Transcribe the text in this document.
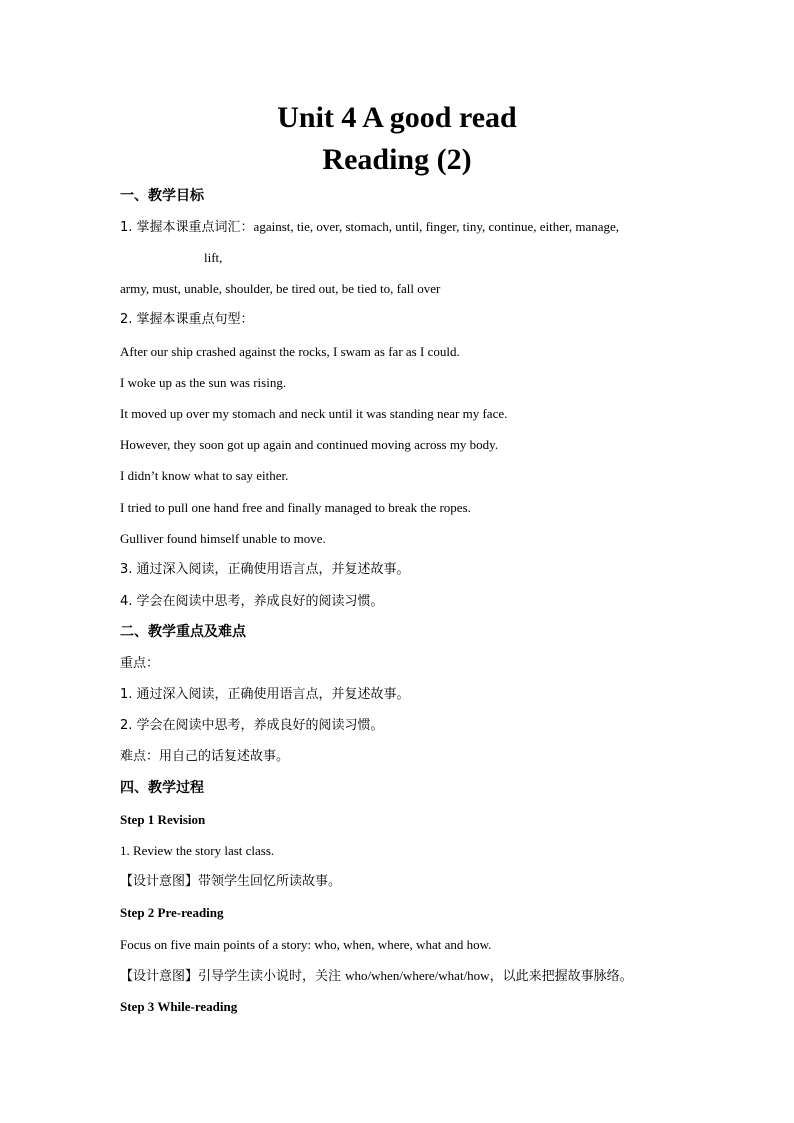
Unit 4 A good read
Reading (2)
一、教学目标
1. 掌握本课重点词汇：against, tie, over, stomach, until, finger, tiny, continue, either, manage,
lift,
army, must, unable, shoulder, be tired out, be tied to, fall over
2. 掌握本课重点句型：
After our ship crashed against the rocks, I swam as far as I could.
I woke up as the sun was rising.
It moved up over my stomach and neck until it was standing near my face.
However, they soon got up again and continued moving across my body.
I didn’t know what to say either.
I tried to pull one hand free and finally managed to break the ropes.
Gulliver found himself unable to move.
3. 通过深入阅读，正确使用语言点，并复述故事。
4. 学会在阅读中思考，养成良好的阅读习惯。
二、教学重点及难点
重点：
1. 通过深入阅读，正确使用语言点，并复述故事。
2. 学会在阅读中思考，养成良好的阅读习惯。
难点：用自己的话复述故事。
四、教学过程
Step 1 Revision
1. Review the story last class.
【设计意图】带领学生回忆所读故事。
Step 2 Pre-reading
Focus on five main points of a story: who, when, where, what and how.
【设计意图】引导学生读小说时，关注 who/when/where/what/how，以此来把握故事脉络。
Step 3 While-reading
